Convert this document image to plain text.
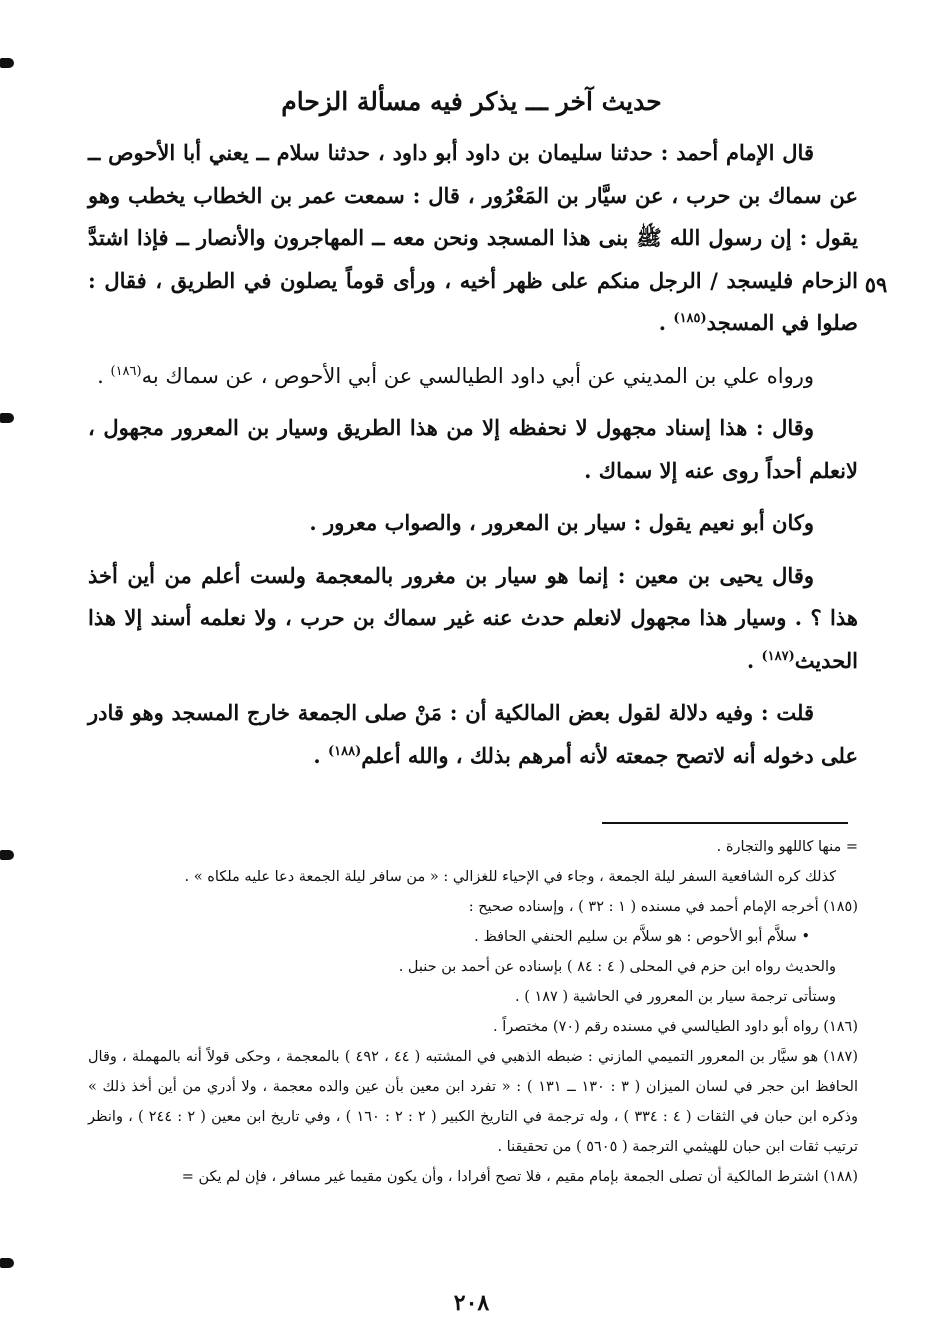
حديث آخر ـــ يذكر فيه مسألة الزحام
٥٩

قال الإمام أحمد : حدثنا سليمان بن داود أبو داود ، حدثنا سلام ــ يعني أبا الأحوص ــ عن سماك بن حرب ، عن سيَّار بن المَعْرُور ، قال : سمعت عمر بن الخطاب يخطب وهو يقول : إن رسول الله ﷺ بنى هذا المسجد ونحن معه ــ المهاجرون والأنصار ــ فإذا اشتدَّ الزحام فليسجد / الرجل منكم على ظهر أخيه ، ورأى قوماً يصلون في الطريق ، فقال : صلوا في المسجد$^{(١٨٥)}$ .

ورواه علي بن المديني عن أبي داود الطيالسي عن أبي الأحوص ، عن سماك به$^{(١٨٦)}$ .

وقال : هذا إسناد مجهول لا نحفظه إلا من هذا الطريق وسيار بن المعرور مجهول ، لانعلم أحداً روى عنه إلا سماك .

وكان أبو نعيم يقول : سيار بن المعرور ، والصواب معرور .

وقال يحيى بن معين : إنما هو سيار بن مغرور بالمعجمة ولست أعلم من أين أخذ هذا ؟ . وسيار هذا مجهول لانعلم حدث عنه غير سماك بن حرب ، ولا نعلمه أسند إلا هذا الحديث$^{(١٨٧)}$ .

قلت : وفيه دلالة لقول بعض المالكية أن : مَنْ صلى الجمعة خارج المسجد وهو قادر على دخوله أنه لاتصح جمعته لأنه أمرهم بذلك ، والله أعلم$^{(١٨٨)}$ .

= منها كاللهو والتجارة .

كذلك كره الشافعية السفر ليلة الجمعة ، وجاء في الإحياء للغزالي : « من سافر ليلة الجمعة دعا عليه ملكاه » .

(١٨٥) أخرجه الإمام أحمد في مسنده ( ١ : ٣٢ ) ، وإسناده صحيح :

• سلاَّم أبو الأحوص : هو سلاَّم بن سليم الحنفي الحافظ .

والحديث رواه ابن حزم في المحلى ( ٤ : ٨٤ ) بإسناده عن أحمد بن حنبل .

وستأتى ترجمة سيار بن المعرور في الحاشية ( ١٨٧ ) .

(١٨٦) رواه أبو داود الطيالسي في مسنده رقم (٧٠) مختصراً .

(١٨٧) هو سيَّار بن المعرور التميمي المازني : ضبطه الذهبي في المشتبه ( ٤٤ ، ٤٩٢ ) بالمعجمة ، وحكى قولاً أنه بالمهملة ، وقال الحافظ ابن حجر في لسان الميزان ( ٣ : ١٣٠ ــ ١٣١ ) : « تفرد ابن معين بأن عين والده معجمة ، ولا أدري من أين أخذ ذلك » وذكره ابن حبان في الثقات ( ٤ : ٣٣٤ ) ، وله ترجمة في التاريخ الكبير ( ٢ : ٢ : ١٦٠ ) ، وفي تاريخ ابن معين ( ٢ : ٢٤٤ ) ، وانظر ترتيب ثقات ابن حبان للهيثمي الترجمة ( ٥٦٠٥ ) من تحقيقنا .

(١٨٨) اشترط المالكية أن تصلى الجمعة بإمام مقيم ، فلا تصح أفرادا ، وأن يكون مقيما غير مسافر ، فإن لم يكن =

٢٠٨
